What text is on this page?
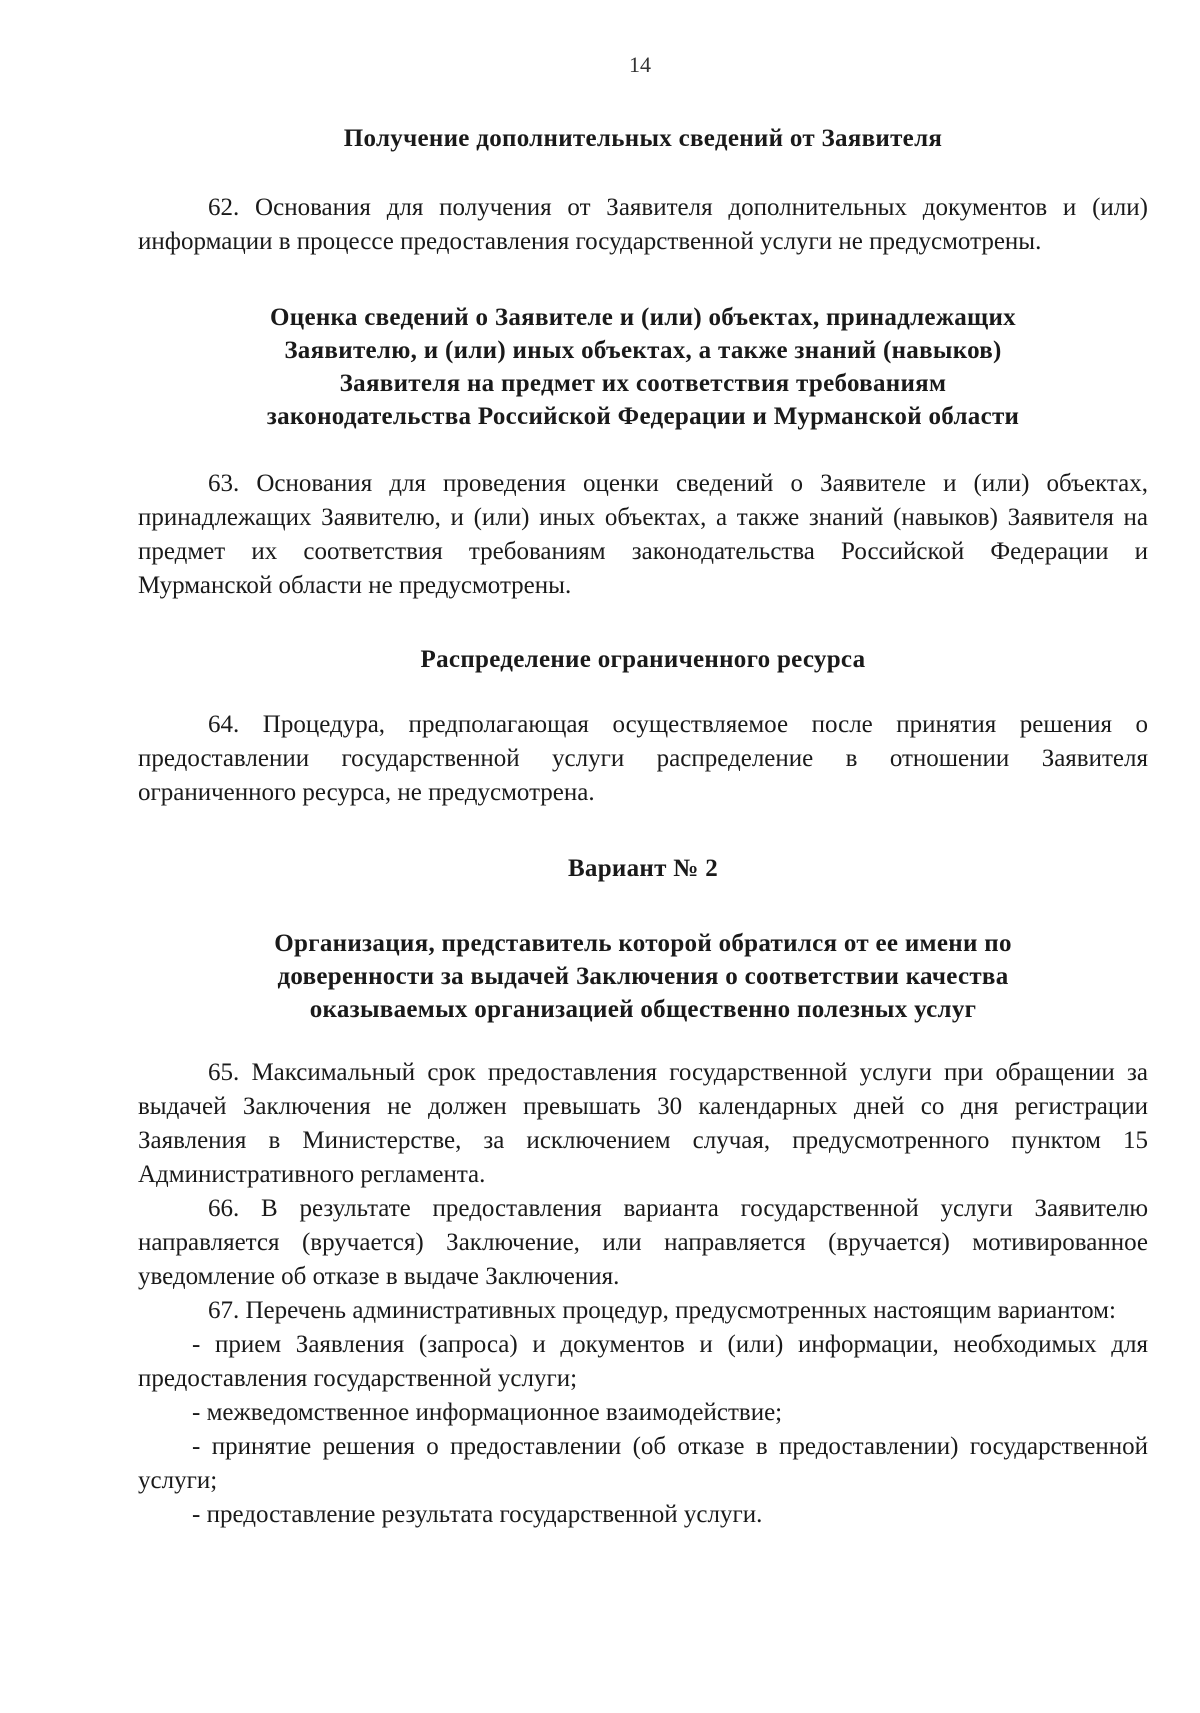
14
Получение дополнительных сведений от Заявителя

62. Основания для получения от Заявителя дополнительных документов и (или) информации в процессе предоставления государственной услуги не предусмотрены.

Оценка сведений о Заявителе и (или) объектах, принадлежащих
Заявителю, и (или) иных объектах, а также знаний (навыков)
Заявителя на предмет их соответствия требованиям
законодательства Российской Федерации и Мурманской области

63. Основания для проведения оценки сведений о Заявителе и (или) объектах, принадлежащих Заявителю, и (или) иных объектах, а также знаний (навыков) Заявителя на предмет их соответствия требованиям законодательства Российской Федерации и Мурманской области не предусмотрены.

Распределение ограниченного ресурса

64. Процедура, предполагающая осуществляемое после принятия решения о предоставлении государственной услуги распределение в отношении Заявителя ограниченного ресурса, не предусмотрена.

Вариант № 2
Организация, представитель которой обратился от ее имени по
доверенности за выдачей Заключения о соответствии качества
оказываемых организацией общественно полезных услуг

65. Максимальный срок предоставления государственной услуги при обращении за выдачей Заключения не должен превышать 30 календарных дней со дня регистрации Заявления в Министерстве, за исключением случая, предусмотренного пунктом 15 Административного регламента.

66. В результате предоставления варианта государственной услуги Заявителю направляется (вручается) Заключение, или направляется (вручается) мотивированное уведомление об отказе в выдаче Заключения.

67. Перечень административных процедур, предусмотренных настоящим вариантом:

- прием Заявления (запроса) и документов и (или) информации, необходимых для предоставления государственной услуги;

- межведомственное информационное взаимодействие;

- принятие решения о предоставлении (об отказе в предоставлении) государственной услуги;

- предоставление результата государственной услуги.
